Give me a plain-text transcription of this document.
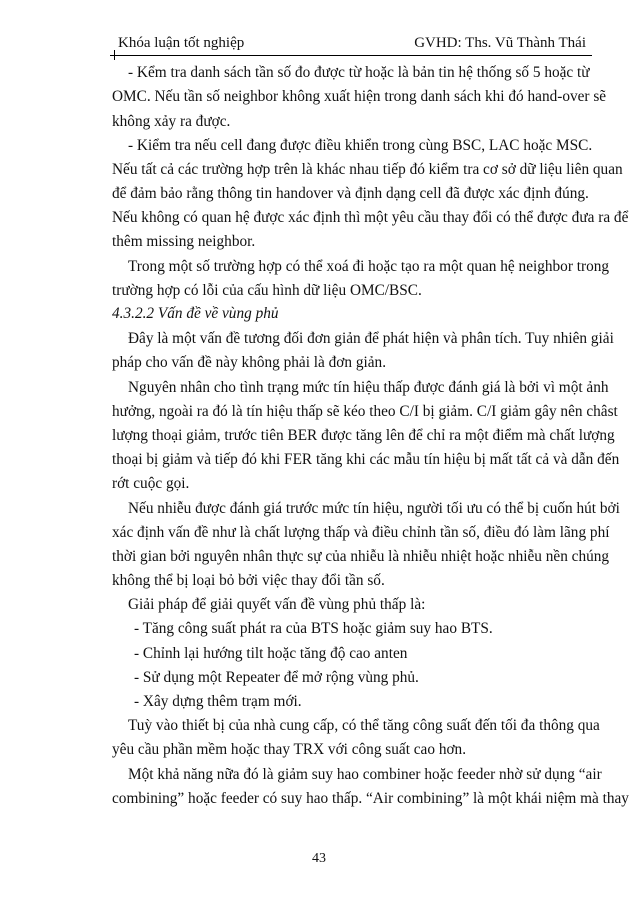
Khóa luận tốt nghiệp	GVHD: Ths. Vũ Thành Thái
- Kểm tra danh sách tần số đo được từ hoặc là bản tin hệ thống số 5 hoặc từ
OMC. Nếu tần số neighbor không xuất hiện trong danh sách khi đó hand-over sẽ
không xảy ra được.
- Kiểm tra nếu cell đang được điều khiển trong cùng BSC, LAC hoặc MSC.
Nếu tất cả các trường hợp trên là khác nhau tiếp đó kiểm tra cơ sở dữ liệu liên quan
để đảm bảo rằng thông tin handover và định dạng cell đã được xác định đúng.
Nếu không có quan hệ được xác định thì một yêu cầu thay đổi có thể được đưa ra để
thêm missing neighbor.
Trong một số trường hợp có thể xoá đi hoặc tạo ra một quan hệ neighbor trong
trường hợp có lỗi của cấu hình dữ liệu OMC/BSC.
4.3.2.2 Vấn đề về vùng phủ
Đây là một vấn đề tương đối đơn giản để phát hiện và phân tích. Tuy nhiên giải
pháp cho vấn đề này không phải là đơn giản.
Nguyên nhân cho tình trạng mức tín hiệu thấp được đánh giá là bởi vì một ảnh
hưởng, ngoài ra đó là tín hiệu thấp sẽ kéo theo C/I bị giảm. C/I giảm gây nên châst
lượng thoại giảm, trước tiên BER được tăng lên để chỉ ra một điểm mà chất lượng
thoại bị giảm và tiếp đó khi FER tăng khi các mẫu tín hiệu bị mất tất cả và dẫn đến
rớt cuộc gọi.
Nếu nhiễu được đánh giá trước mức tín hiệu, người tối ưu có thể bị cuốn hút bởi
xác định vấn đề như là chất lượng thấp và điều chỉnh tần số, điều đó làm lãng phí
thời gian bởi nguyên nhân thực sự của nhiễu là nhiễu nhiệt hoặc nhiễu nền chúng
không thể bị loại bỏ bởi việc thay đổi tần số.
Giải pháp để giải quyết vấn đề vùng phủ thấp là:
- Tăng công suất phát ra của BTS hoặc giảm suy hao BTS.
- Chỉnh lại hướng tilt hoặc tăng độ cao anten
- Sử dụng một Repeater để mở rộng vùng phủ.
- Xây dựng thêm trạm mới.
Tuỳ vào thiết bị của nhà cung cấp, có thể tăng công suất đến tối đa thông qua
yêu cầu phần mềm hoặc thay TRX với công suất cao hơn.
Một khả năng nữa đó là giảm suy hao combiner hoặc feeder nhờ sử dụng “air
combining” hoặc feeder có suy hao thấp. “Air combining” là một khái niệm mà thay
43
